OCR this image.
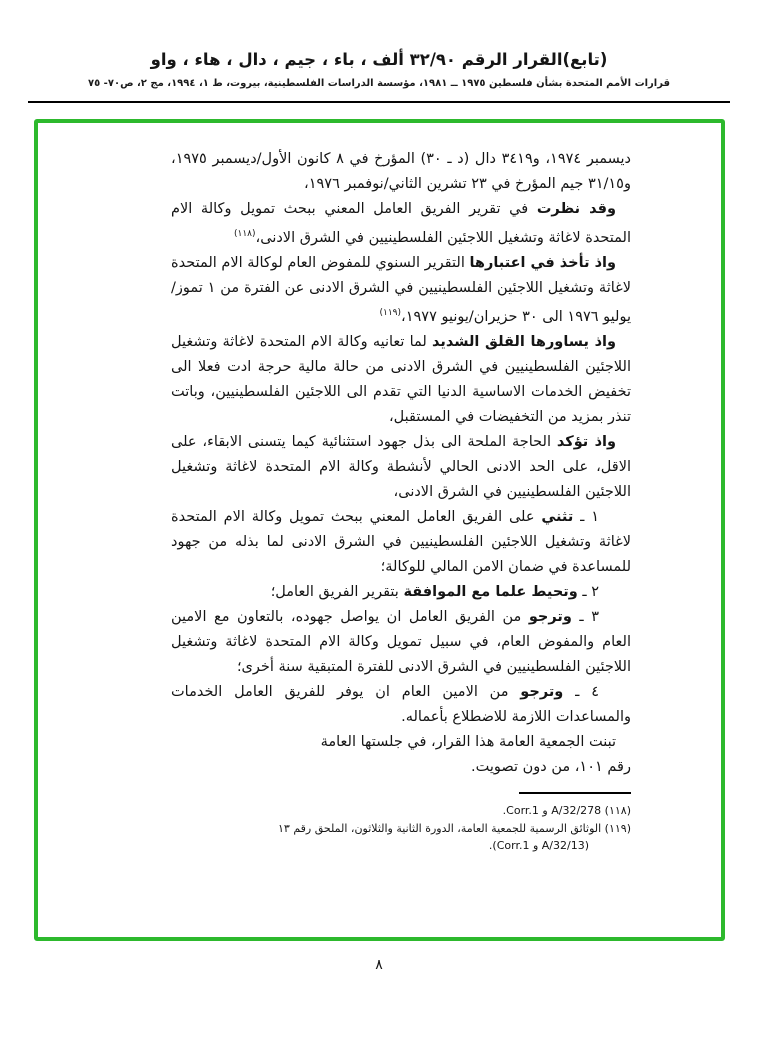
(تابع)القرار الرقم ٣٢/٩٠ ألف ، باء ، جيم ، دال ، هاء ، واو
قرارات الأمم المتحدة بشأن فلسطين ١٩٧٥ ــ ١٩٨١، مؤسسة الدراسات الفلسطينية، بيروت، ط ١، ١٩٩٤، مج ٢، ص٧٠- ٧٥

ديسمبر ١٩٧٤، و٣٤١٩ دال (د ـ ٣٠) المؤرخ في ٨ كانون الأول/ديسمبر ١٩٧٥، و٣١/١٥ جيم المؤرخ في ٢٣ تشرين الثاني/نوفمبر ١٩٧٦،

وقد نظرت في تقرير الفريق العامل المعني ببحث تمويل وكالة الام المتحدة لاغاثة وتشغيل اللاجئين الفلسطينيين في الشرق الادنى،$^{(١١٨)}$

واذ تأخذ في اعتبارها التقرير السنوي للمفوض العام لوكالة الام المتحدة لاغاثة وتشغيل اللاجئين الفلسطينيين في الشرق الادنى عن الفترة من ١ تموز/يوليو ١٩٧٦ الى ٣٠ حزيران/يونيو ١٩٧٧،$^{(١١٩)}$

واذ يساورها القلق الشديد لما تعانيه وكالة الام المتحدة لاغاثة وتشغيل اللاجئين الفلسطينيين في الشرق الادنى من حالة مالية حرجة ادت فعلا الى تخفيض الخدمات الاساسية الدنيا التي تقدم الى اللاجئين الفلسطينيين، وباتت تنذر بمزيد من التخفيضات في المستقبل،

واذ تؤكد الحاجة الملحة الى بذل جهود استثنائية كيما يتسنى الابقاء، على الاقل، على الحد الادنى الحالي لأنشطة وكالة الام المتحدة لاغاثة وتشغيل اللاجئين الفلسطينيين في الشرق الادنى،

١ ـ تثني على الفريق العامل المعني ببحث تمويل وكالة الام المتحدة لاغاثة وتشغيل اللاجئين الفلسطينيين في الشرق الادنى لما بذله من جهود للمساعدة في ضمان الامن المالي للوكالة؛

٢ ـ وتحيط علما مع الموافقة بتقرير الفريق العامل؛

٣ ـ وترجو من الفريق العامل ان يواصل جهوده، بالتعاون مع الامين العام والمفوض العام، في سبيل تمويل وكالة الام المتحدة لاغاثة وتشغيل اللاجئين الفلسطينيين في الشرق الادنى للفترة المتبقية سنة أخرى؛

٤ ـ وترجو من الامين العام ان يوفر للفريق العامل الخدمات والمساعدات اللازمة للاضطلاع بأعماله.

تبنت الجمعية العامة هذا القرار، في جلستها العامة رقم ١٠١، من دون تصويت.

(١١٨) A/32/278 و Corr.1.
(١١٩) الوثائق الرسمية للجمعية العامة، الدورة الثانية والثلاثون، الملحق رقم ١٣
(A/32/13 و Corr.1).
٨
